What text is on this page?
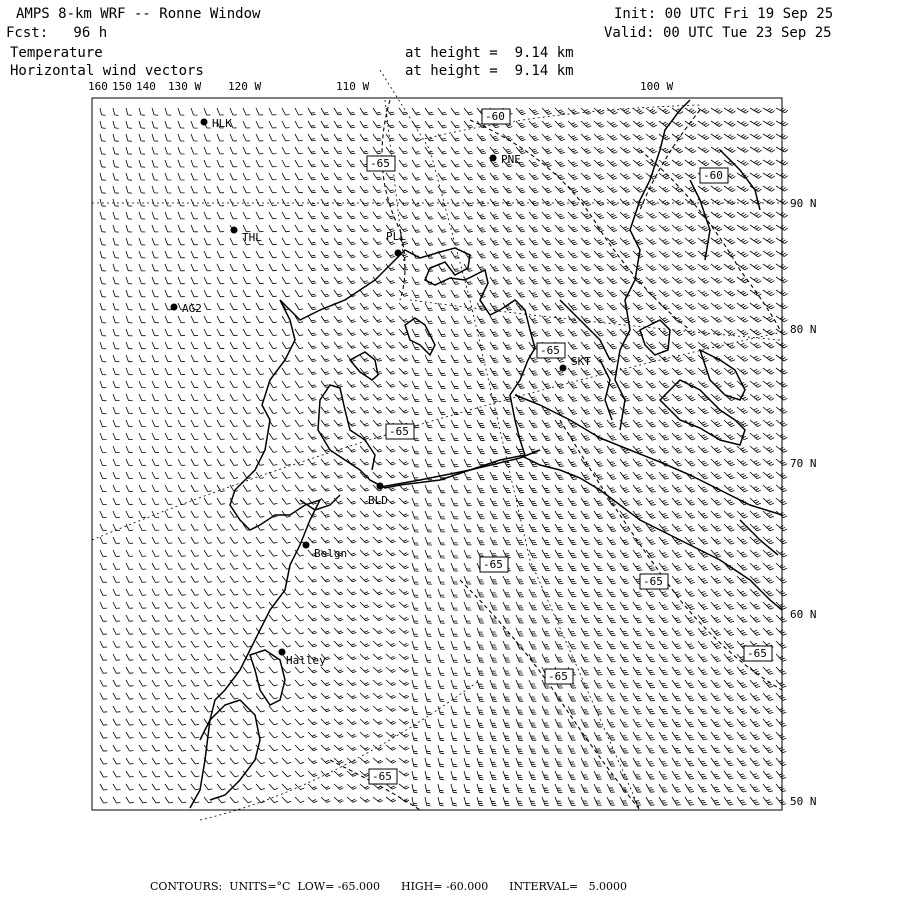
AMPS 8-km WRF -- Ronne Window
Fcst:   96 h
Temperature
Horizontal wind vectors
at height =  9.14 km
at height =  9.14 km
Init: 00 UTC Fri 19 Sep 25
Valid: 00 UTC Tue 23 Sep 25
160 150 140 130 W 120 W	110 W	100 W
90 N
80 N
70 N
60 N
50 N
-60
-65
-60
-65
-65
-65
-65
-65
-65
-65
HLK
PNE
THL	PLL
AG2
SKT
BLD
Belgn
Halley
CONTOURS:  UNITS=°C  LOW= -65.000      HIGH= -60.000      INTERVAL=   5.0000
